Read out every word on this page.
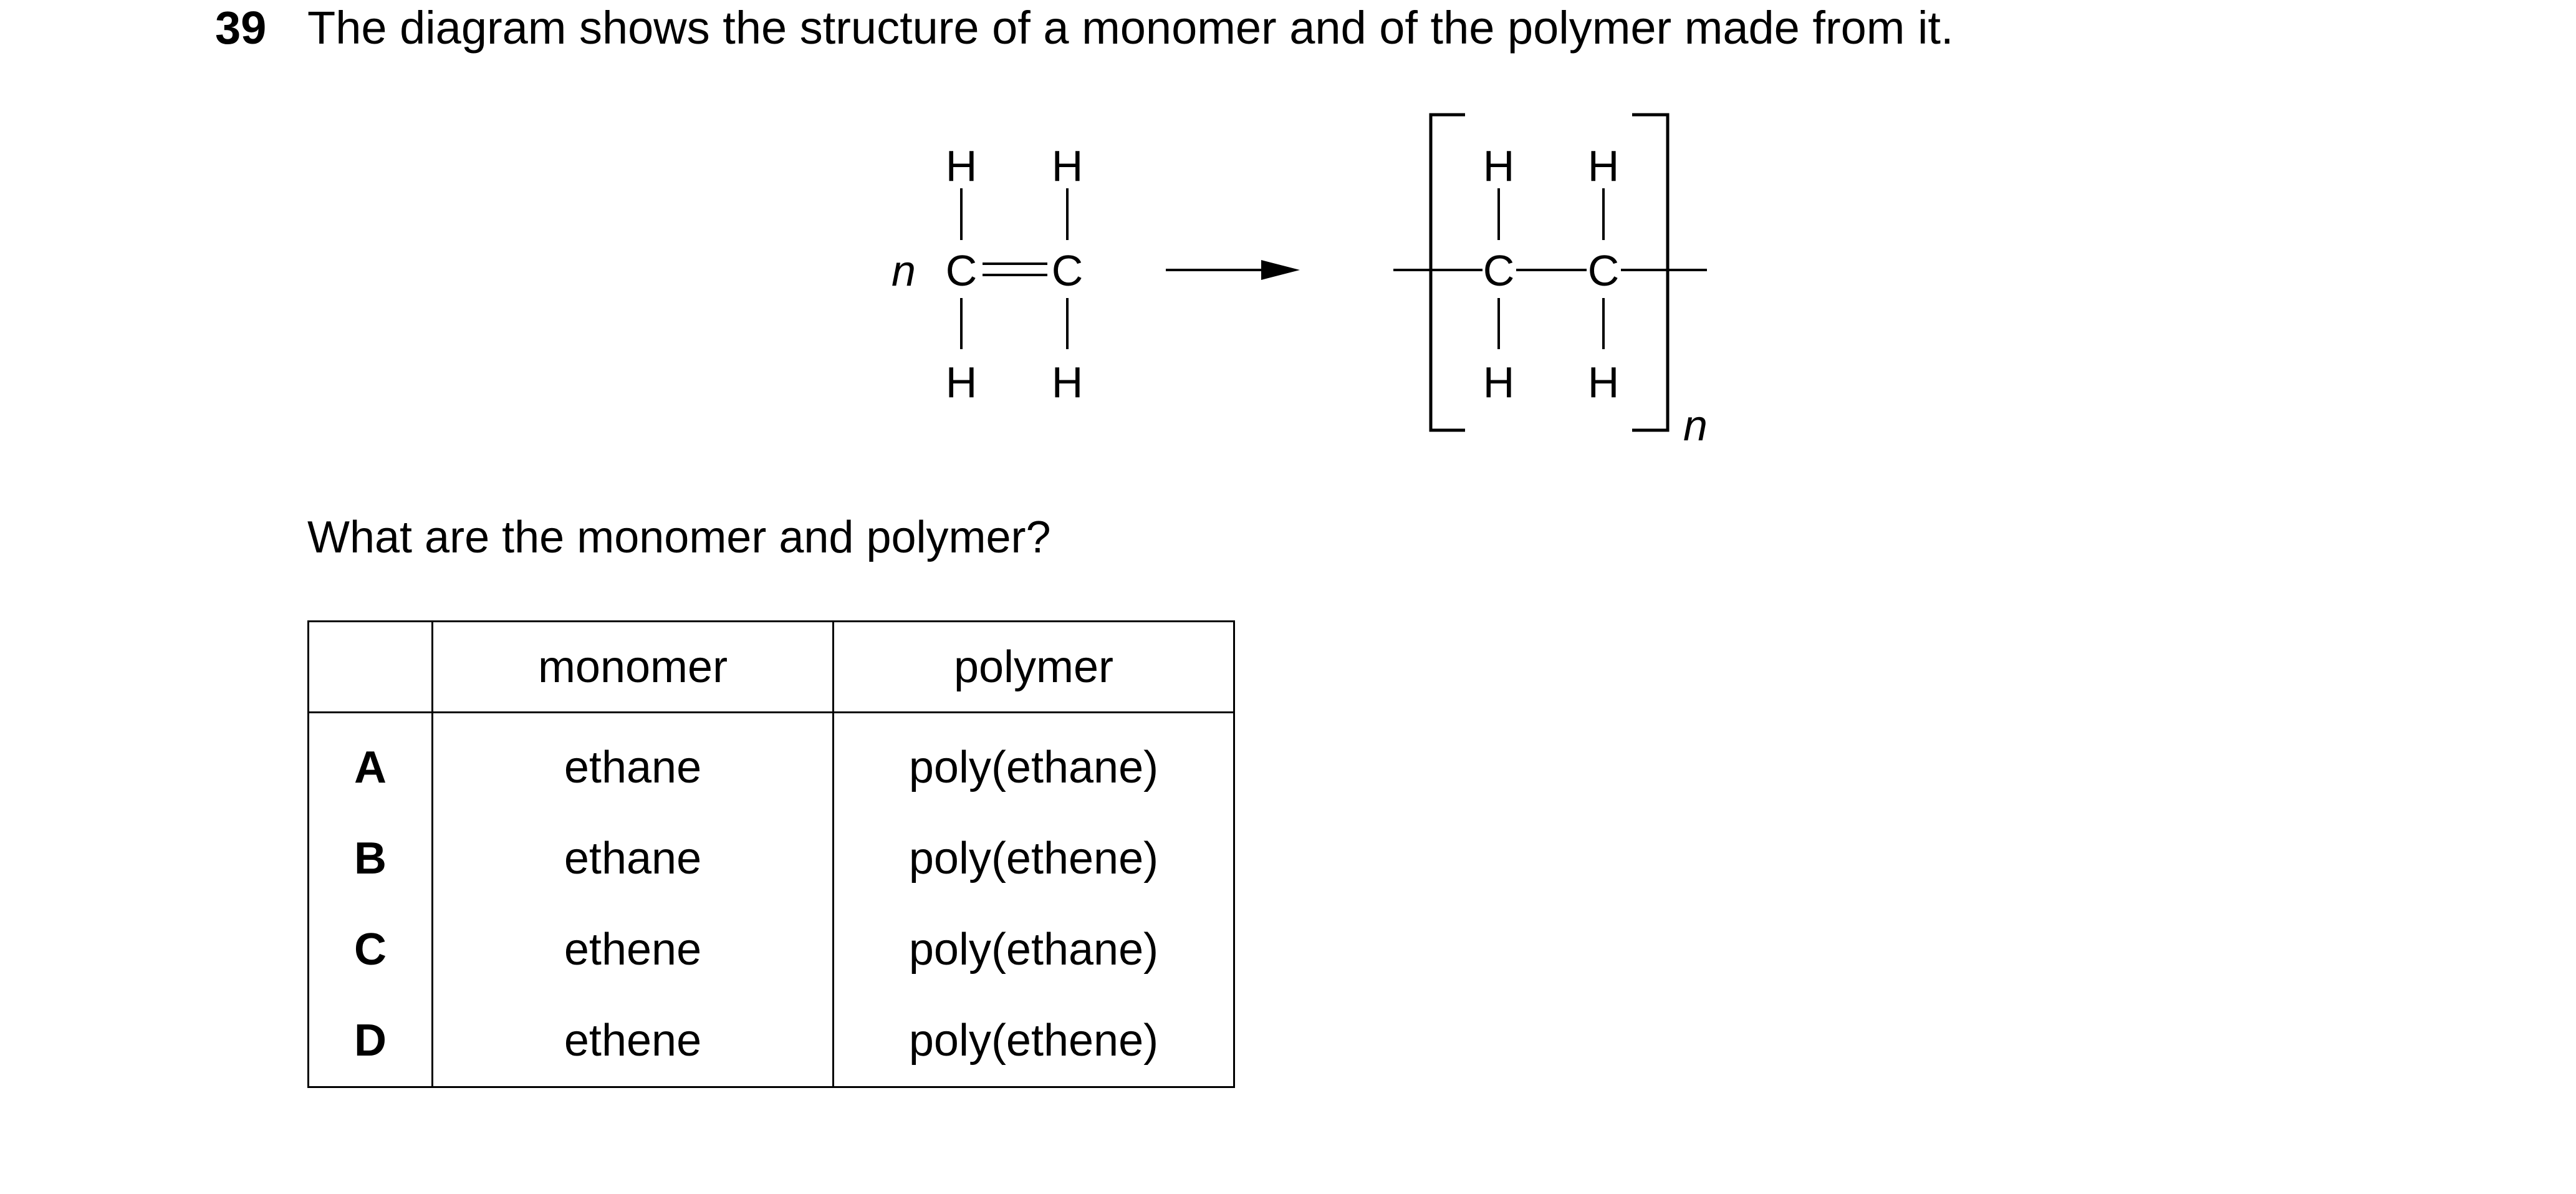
39 The diagram shows the structure of a monomer and of the polymer made from it.
n
H H
C C
H H
H H
C C
H H
n
What are the monomer and polymer?
	monomer	polymer
A	ethane	poly(ethane)
B	ethane	poly(ethene)
C	ethene	poly(ethane)
D	ethene	poly(ethene)
